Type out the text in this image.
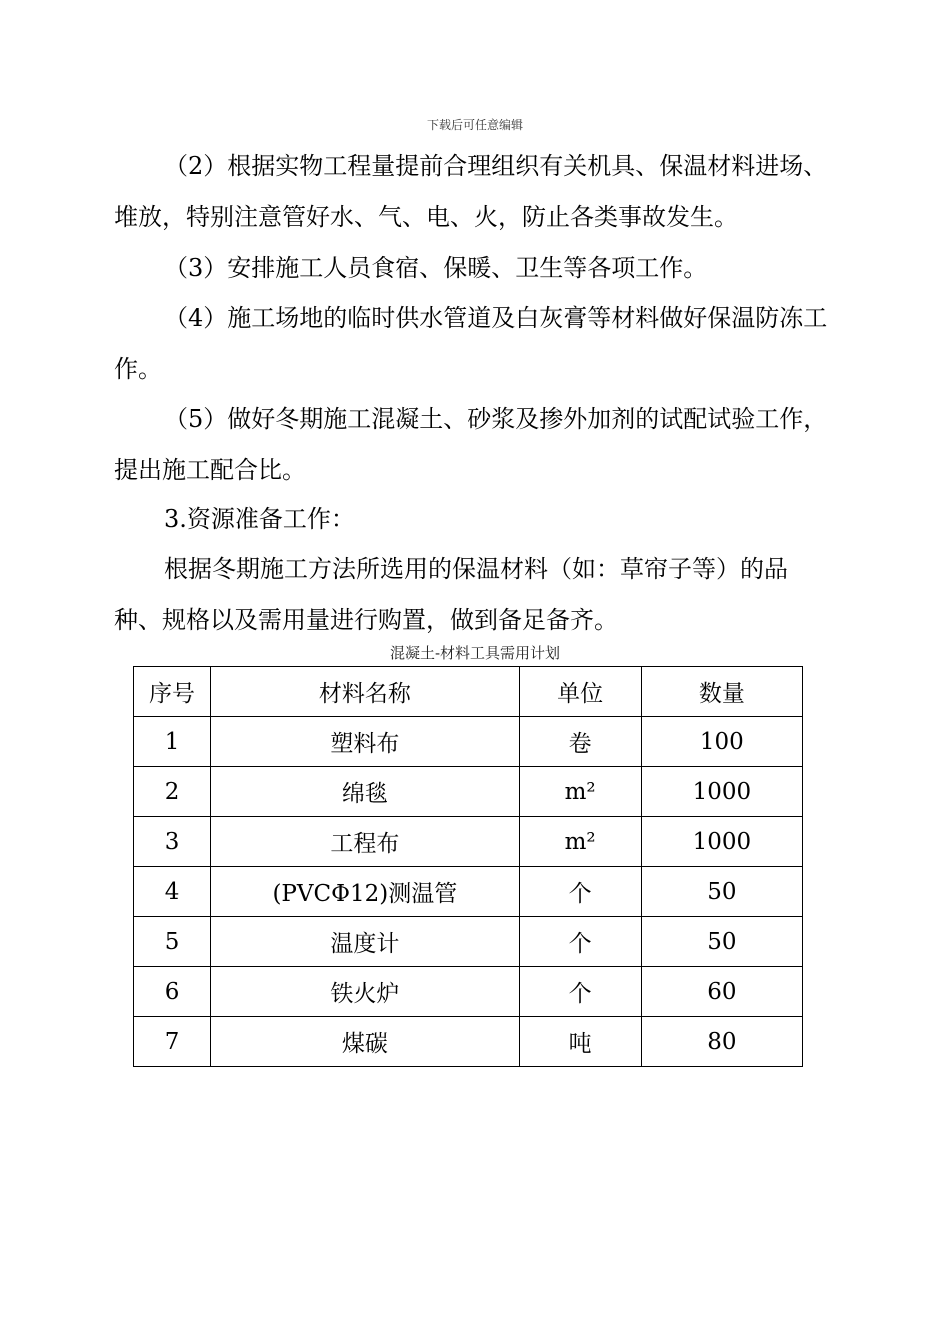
下载后可任意编辑

（2）根据实物工程量提前合理组织有关机具、保温材料进场、堆放，特别注意管好水、气、电、火，防止各类事故发生。

（3）安排施工人员食宿、保暖、卫生等各项工作。

（4）施工场地的临时供水管道及白灰膏等材料做好保温防冻工作。

（5）做好冬期施工混凝土、砂浆及掺外加剂的试配试验工作，提出施工配合比。

3.资源准备工作：

根据冬期施工方法所选用的保温材料（如：草帘子等）的品种、规格以及需用量进行购置，做到备足备齐。

混凝土-材料工具需用计划
序号	材料名称	单位	数量
1	塑料布	卷	100
2	绵毯	m²	1000
3	工程布	m²	1000
4	(PVCΦ12)测温管	个	50
5	温度计	个	50
6	铁火炉	个	60
7	煤碳	吨	80
